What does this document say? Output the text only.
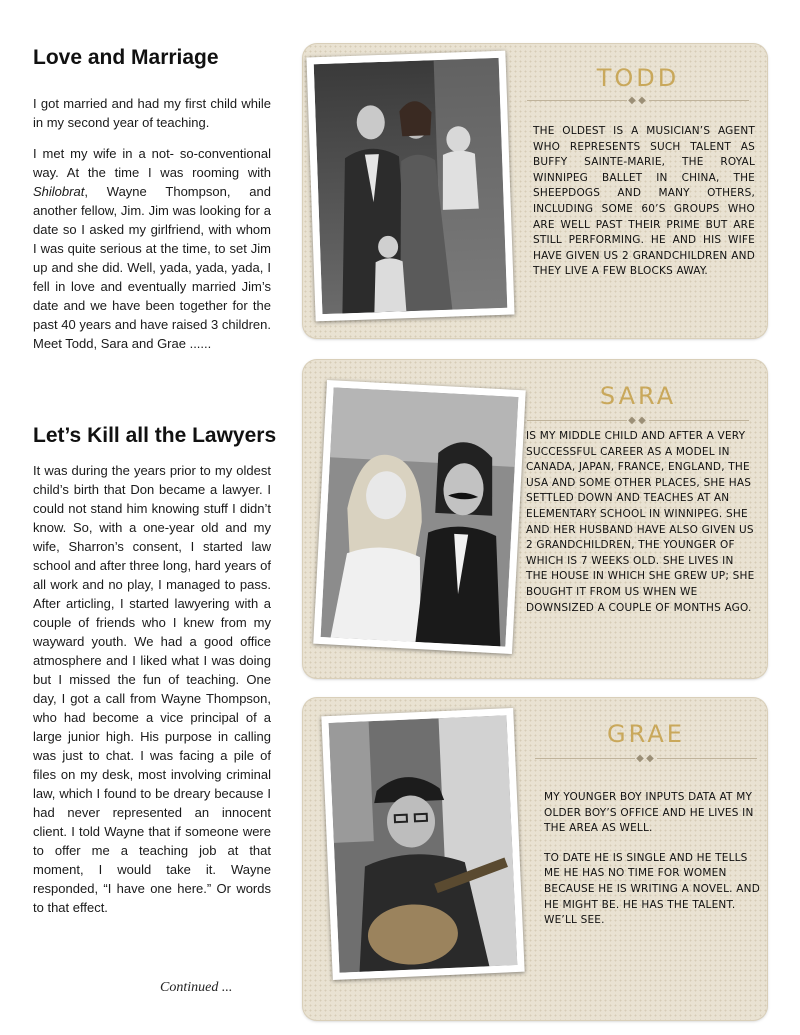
Love and Marriage

I got married and had my first child while in my second year of teaching.

I met my wife in a not- so-conventional way. At the time I was rooming with Shilobrat, Wayne Thompson, and another fellow, Jim. Jim was looking for a date so I asked my girlfriend, with whom I was quite serious at the time, to set Jim up and she did. Well, yada, yada, yada, I fell in love and eventually married Jim’s date and we have been together for the past 40 years and have raised 3 children. Meet Todd, Sara and Grae ......

Let’s Kill all the Lawyers

It was during the years prior to my oldest child’s birth that Don became a lawyer. I could not stand him knowing stuff I didn’t know. So, with a one-year old and my wife, Sharron’s consent, I started law school and after three long, hard years of all work and no play, I managed to pass. After articling, I started lawyering with a couple of friends who I knew from my wayward youth. We had a good office atmosphere and I liked what I was doing but I missed the fun of teaching. One day, I got a call from Wayne Thompson, who had become a vice principal of a large junior high. His purpose in calling was just to chat. I was facing a pile of files on my desk, most involving criminal law, which I found to be dreary because I had never represented an innocent client. I told Wayne that if someone were to offer me a teaching job at that moment, I would take it. Wayne responded, “I have one here.” Or words to that effect.

Continued ...
TODD
◆ ◆
THE OLDEST IS A MUSICIAN’S AGENT WHO REPRESENTS SUCH TALENT AS BUFFY SAINTE-MARIE, THE ROYAL WINNIPEG BALLET IN CHINA, THE SHEEPDOGS AND MANY OTHERS, INCLUDING SOME 60’S GROUPS WHO ARE WELL PAST THEIR PRIME BUT ARE STILL PERFORMING. HE AND HIS WIFE HAVE GIVEN US 2 GRANDCHILDREN AND THEY LIVE A FEW BLOCKS AWAY.
SARA
◆ ◆
IS MY MIDDLE CHILD AND AFTER A VERY SUCCESSFUL CAREER AS A MODEL IN CANADA, JAPAN, FRANCE, ENGLAND, THE USA AND SOME OTHER PLACES, SHE HAS SETTLED DOWN AND TEACHES AT AN ELEMENTARY SCHOOL IN WINNIPEG. SHE AND HER HUSBAND HAVE ALSO GIVEN US 2 GRANDCHILDREN, THE YOUNGER OF WHICH IS 7 WEEKS OLD. SHE LIVES IN THE HOUSE IN WHICH SHE GREW UP; SHE BOUGHT IT FROM US WHEN WE DOWNSIZED A COUPLE OF MONTHS AGO.
GRAE
◆ ◆

MY YOUNGER BOY INPUTS DATA AT MY OLDER BOY’S OFFICE AND HE LIVES IN THE AREA AS WELL.

TO DATE HE IS SINGLE AND HE TELLS ME HE HAS NO TIME FOR WOMEN BECAUSE HE IS WRITING A NOVEL. AND HE MIGHT BE. HE HAS THE TALENT. WE’LL SEE.
